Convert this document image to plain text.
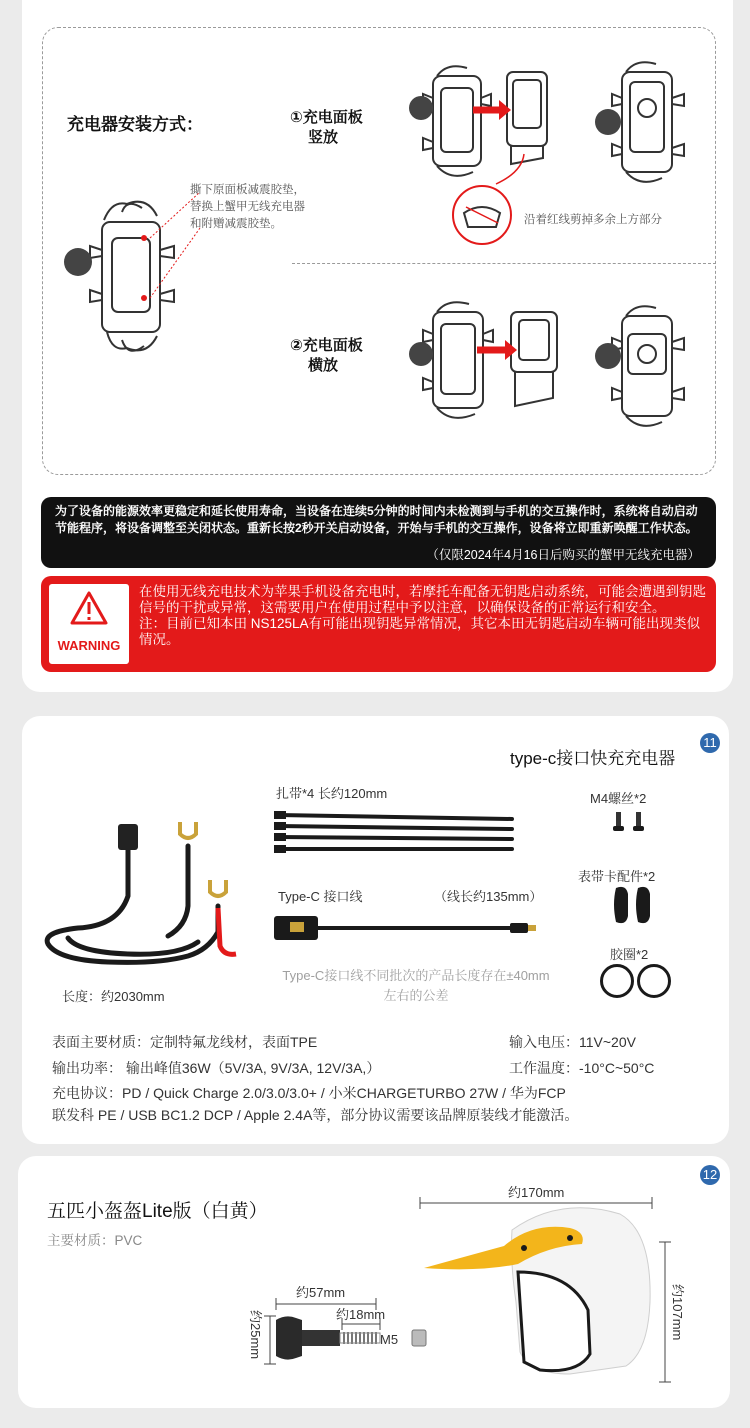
充电器安装方式：
撕下原面板减震胶垫，
替换上蟹甲无线充电器
和附赠减震胶垫。
①充电面板
竖放
沿着红线剪掉多余上方部分
②充电面板
横放
为了设备的能源效率更稳定和延长使用寿命，当设备在连续5分钟的时间内未检测到与手机的交互操作时，系统将自动启动节能程序，将设备调整至关闭状态。重新长按2秒开关启动设备，开始与手机的交互操作，设备将立即重新唤醒工作状态。
（仅限2024年4月16日后购买的蟹甲无线充电器）
WARNING
在使用无线充电技术为苹果手机设备充电时，若摩托车配备无钥匙启动系统，可能会遭遇到钥匙信号的干扰或异常，这需要用户在使用过程中予以注意，以确保设备的正常运行和安全。
注：目前已知本田 NS125LA有可能出现钥匙异常情况，其它本田无钥匙启动车辆可能出现类似情况。
type-c接口快充充电器
11
长度：约2030mm
扎带*4 长约120mm
Type-C 接口线	（线长约135mm）
Type-C接口线不同批次的产品长度存在±40mm
左右的公差
M4螺丝*2
表带卡配件*2
胶圈*2
表面主要材质：定制特氟龙线材，表面TPE	输入电压：11V~20V
输出功率： 输出峰值36W（5V/3A, 9V/3A, 12V/3A,）	工作温度：-10°C~50°C
充电协议：PD / Quick Charge 2.0/3.0/3.0+ / 小米CHARGETURBO 27W / 华为FCP
联发科 PE / USB BC1.2 DCP / Apple 2.4A等，部分协议需要该品牌原装线才能激活。
12
五匹小盔盔Lite版（白黄）
主要材质：PVC
约170mm
约107mm
约57mm
约18mm
M5
约25mm
